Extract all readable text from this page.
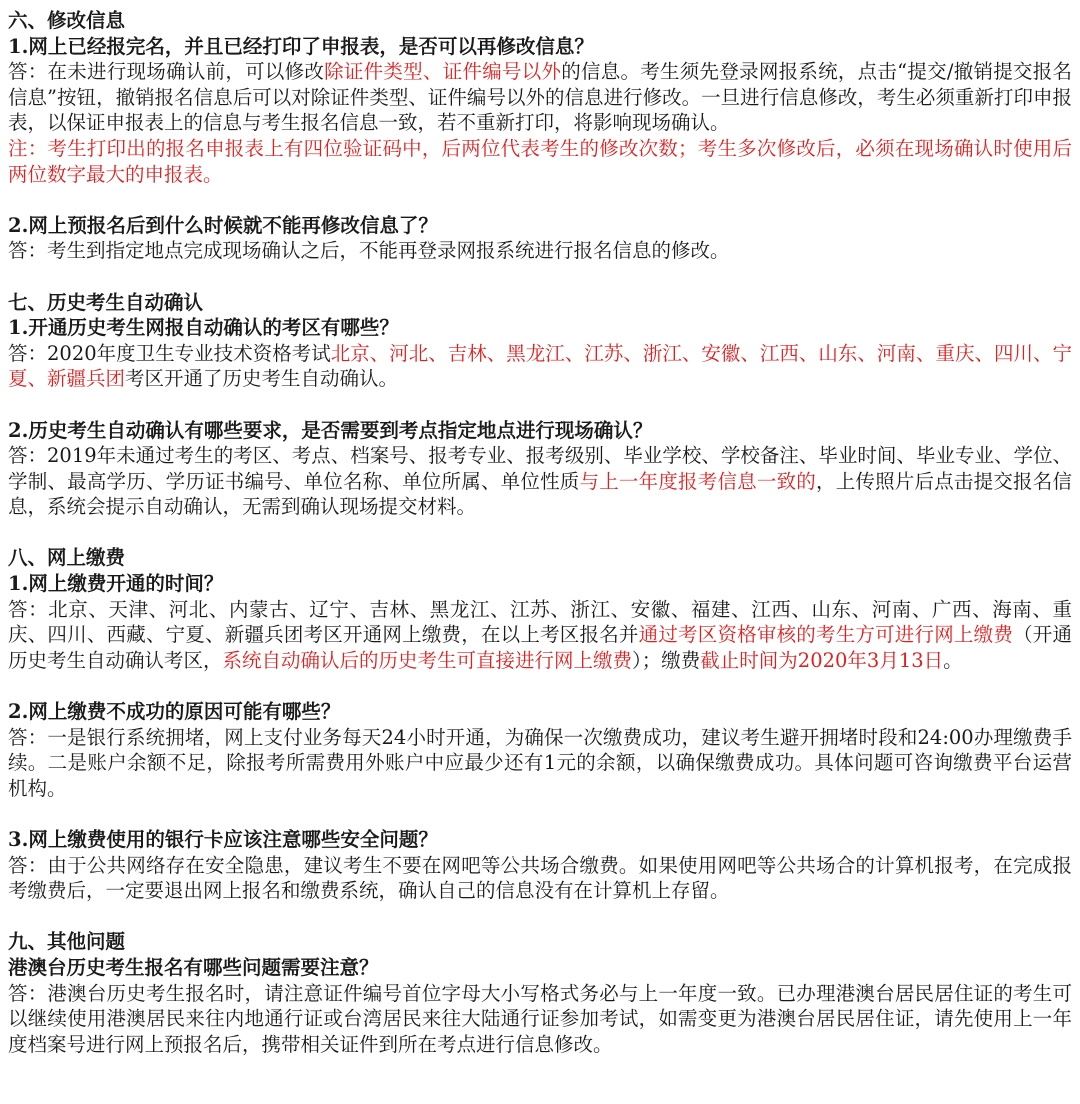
六、修改信息
1.网上已经报完名，并且已经打印了申报表，是否可以再修改信息？
答：在未进行现场确认前，可以修改除证件类型、证件编号以外的信息。考生须先登录网报系统，点击“提交/撤销提交报名信息”按钮，撤销报名信息后可以对除证件类型、证件编号以外的信息进行修改。一旦进行信息修改，考生必须重新打印申报表，以保证申报表上的信息与考生报名信息一致，若不重新打印，将影响现场确认。
注：考生打印出的报名申报表上有四位验证码中，后两位代表考生的修改次数；考生多次修改后，必须在现场确认时使用后两位数字最大的申报表。
2.网上预报名后到什么时候就不能再修改信息了？
答：考生到指定地点完成现场确认之后，不能再登录网报系统进行报名信息的修改。
七、历史考生自动确认
1.开通历史考生网报自动确认的考区有哪些？
答：2020年度卫生专业技术资格考试北京、河北、吉林、黑龙江、江苏、浙江、安徽、江西、山东、河南、重庆、四川、宁夏、新疆兵团考区开通了历史考生自动确认。
2.历史考生自动确认有哪些要求，是否需要到考点指定地点进行现场确认？
答：2019年未通过考生的考区、考点、档案号、报考专业、报考级别、毕业学校、学校备注、毕业时间、毕业专业、学位、学制、最高学历、学历证书编号、单位名称、单位所属、单位性质与上一年度报考信息一致的，上传照片后点击提交报名信息，系统会提示自动确认，无需到确认现场提交材料。
八、网上缴费
1.网上缴费开通的时间？
答：北京、天津、河北、内蒙古、辽宁、吉林、黑龙江、江苏、浙江、安徽、福建、江西、山东、河南、广西、海南、重庆、四川、西藏、宁夏、新疆兵团考区开通网上缴费，在以上考区报名并通过考区资格审核的考生方可进行网上缴费（开通历史考生自动确认考区，系统自动确认后的历史考生可直接进行网上缴费）；缴费截止时间为2020年3月13日。
2.网上缴费不成功的原因可能有哪些？
答：一是银行系统拥堵，网上支付业务每天24小时开通，为确保一次缴费成功，建议考生避开拥堵时段和24:00办理缴费手续。二是账户余额不足，除报考所需费用外账户中应最少还有1元的余额，以确保缴费成功。具体问题可咨询缴费平台运营机构。
3.网上缴费使用的银行卡应该注意哪些安全问题？
答：由于公共网络存在安全隐患，建议考生不要在网吧等公共场合缴费。如果使用网吧等公共场合的计算机报考，在完成报考缴费后，一定要退出网上报名和缴费系统，确认自己的信息没有在计算机上存留。
九、其他问题
港澳台历史考生报名有哪些问题需要注意？
答：港澳台历史考生报名时，请注意证件编号首位字母大小写格式务必与上一年度一致。已办理港澳台居民居住证的考生可以继续使用港澳居民来往内地通行证或台湾居民来往大陆通行证参加考试，如需变更为港澳台居民居住证，请先使用上一年度档案号进行网上预报名后，携带相关证件到所在考点进行信息修改。
